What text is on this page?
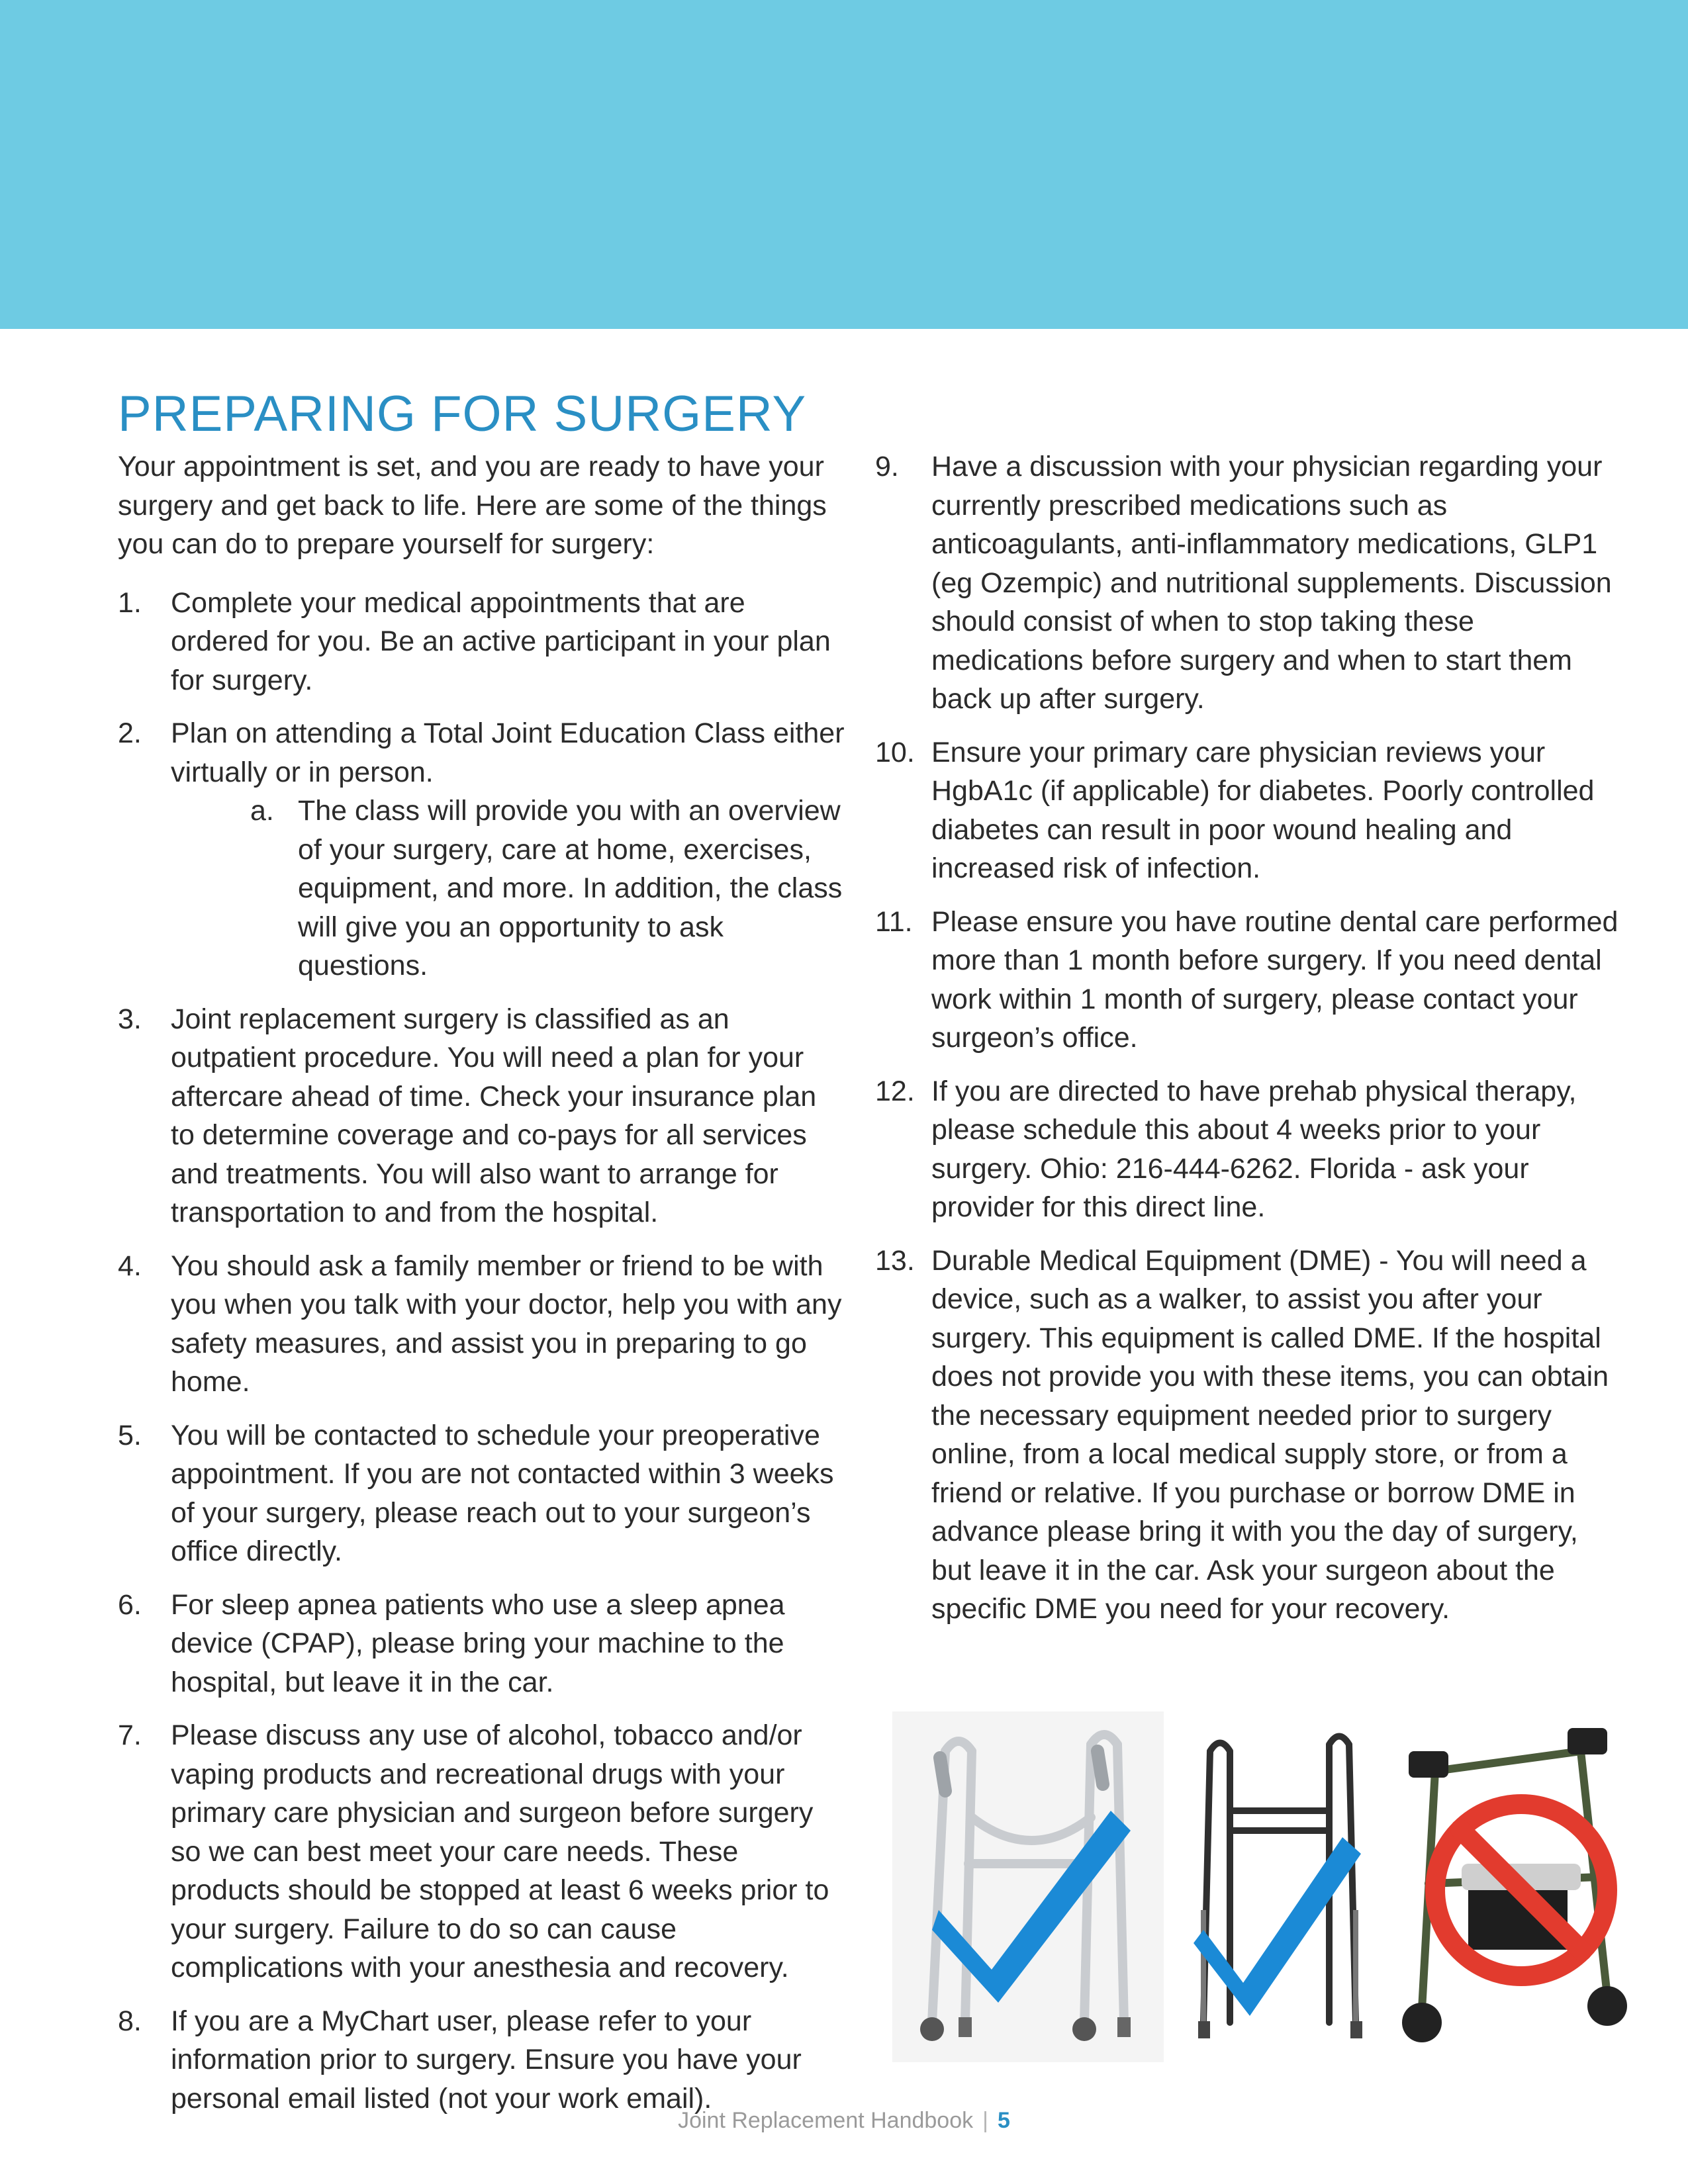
PREPARING FOR SURGERY

Your appointment is set, and you are ready to have your surgery and get back to life. Here are some of the things you can do to prepare yourself for surgery:

1. Complete your medical appointments that are ordered for you. Be an active participant in your plan for surgery.
2. Plan on attending a Total Joint Education Class either virtually or in person.
a. The class will provide you with an overview of your surgery, care at home, exercises, equipment, and more. In addition, the class will give you an opportunity to ask questions.
3. Joint replacement surgery is classified as an outpatient procedure. You will need a plan for your aftercare ahead of time. Check your insurance plan to determine coverage and co-pays for all services and treatments. You will also want to arrange for transportation to and from the hospital.
4. You should ask a family member or friend to be with you when you talk with your doctor, help you with any safety measures, and assist you in preparing to go home.
5. You will be contacted to schedule your preoperative appointment. If you are not contacted within 3 weeks of your surgery, please reach out to your surgeon’s office directly.
6. For sleep apnea patients who use a sleep apnea device (CPAP), please bring your machine to the hospital, but leave it in the car.
7. Please discuss any use of alcohol, tobacco and/or vaping products and recreational drugs with your primary care physician and surgeon before surgery so we can best meet your care needs. These products should be stopped at least 6 weeks prior to your surgery. Failure to do so can cause complications with your anesthesia and recovery.
8. If you are a MyChart user, please refer to your information prior to surgery. Ensure you have your personal email listed (not your work email).
9. Have a discussion with your physician regarding your currently prescribed medications such as anticoagulants, anti-inflammatory medications, GLP1 (eg Ozempic) and nutritional supplements. Discussion should consist of when to stop taking these medications before surgery and when to start them back up after surgery.
10. Ensure your primary care physician reviews your HgbA1c (if applicable) for diabetes. Poorly controlled diabetes can result in poor wound healing and increased risk of infection.
11. Please ensure you have routine dental care performed more than 1 month before surgery. If you need dental work within 1 month of surgery, please contact your surgeon’s office.
12. If you are directed to have prehab physical therapy, please schedule this about 4 weeks prior to your surgery. Ohio: 216-444-6262. Florida - ask your provider for this direct line.
13. Durable Medical Equipment (DME) - You will need a device, such as a walker, to assist you after your surgery. This equipment is called DME. If the hospital does not provide you with these items, you can obtain the necessary equipment needed prior to surgery online, from a local medical supply store, or from a friend or relative. If you purchase or borrow DME in advance please bring it with you the day of surgery, but leave it in the car. Ask your surgeon about the specific DME you need for your recovery.
Joint Replacement Handbook | 5
